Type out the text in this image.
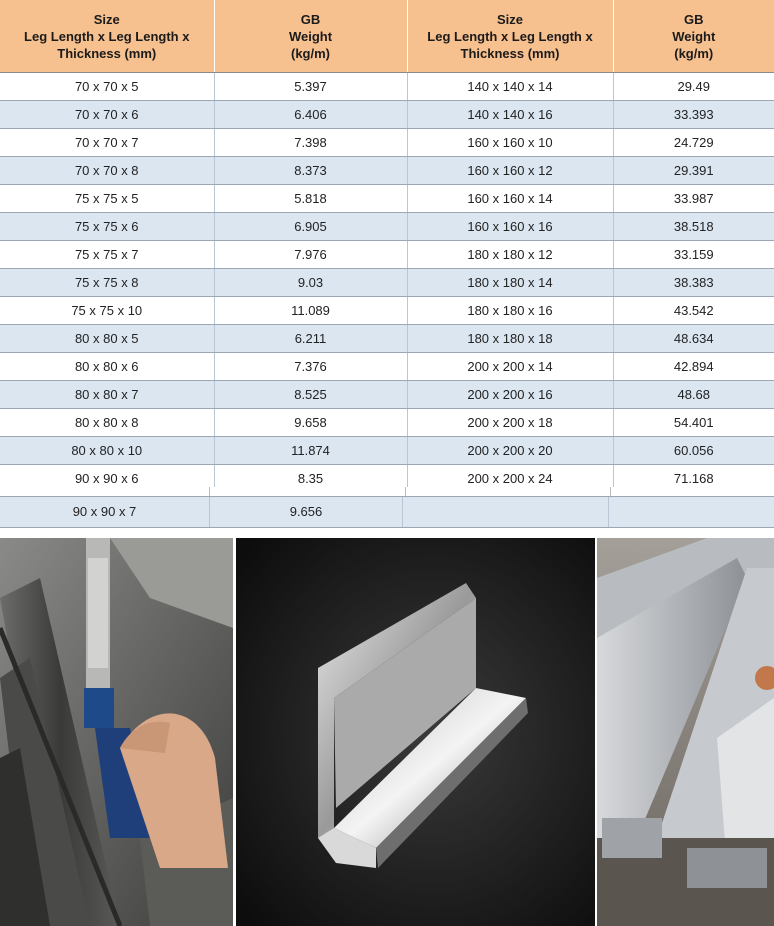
Size
Leg Length x Leg Length x
Thickness (mm)	GB
Weight
(kg/m)	Size
Leg Length x Leg Length x
Thickness (mm)	GB
Weight
(kg/m)
70 x 70 x 5	5.397	140 x 140 x 14	29.49
70 x 70 x 6	6.406	140 x 140 x 16	33.393
70 x 70 x 7	7.398	160 x 160 x 10	24.729
70 x 70 x 8	8.373	160 x 160 x 12	29.391
75 x 75 x 5	5.818	160 x 160 x 14	33.987
75 x 75 x 6	6.905	160 x 160 x 16	38.518
75 x 75 x 7	7.976	180 x 180 x 12	33.159
75 x 75 x 8	9.03	180 x 180 x 14	38.383
75 x 75 x 10	11.089	180 x 180 x 16	43.542
80 x 80 x 5	6.211	180 x 180 x 18	48.634
80 x 80 x 6	7.376	200 x 200 x 14	42.894
80 x 80 x 7	8.525	200 x 200 x 16	48.68
80 x 80 x 8	9.658	200 x 200 x 18	54.401
80 x 80 x 10	11.874	200 x 200 x 20	60.056
90 x 90 x 6	8.35	200 x 200 x 24	71.168
90 x 90 x 7	9.656
